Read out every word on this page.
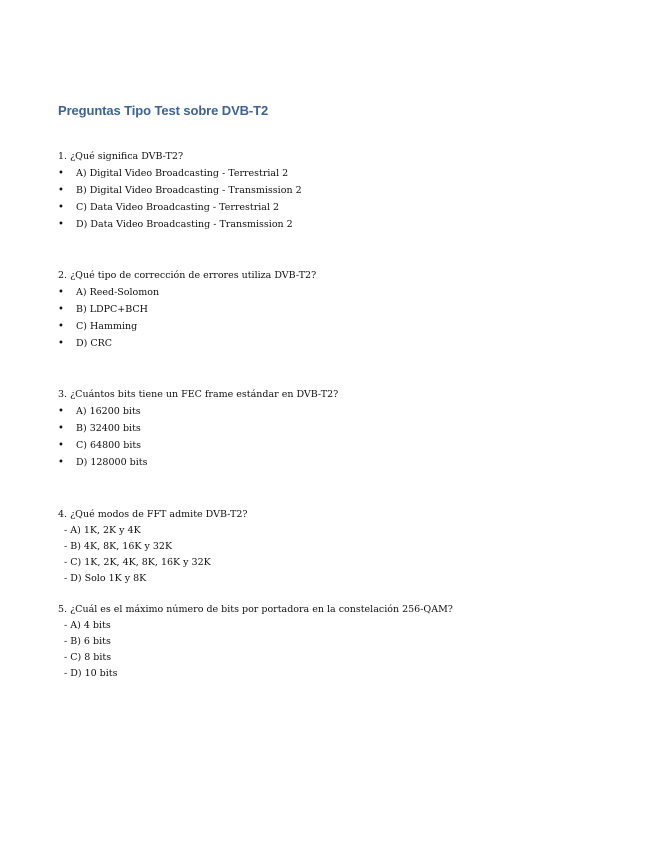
Preguntas Tipo Test sobre DVB-T2

1. ¿Qué significa DVB-T2?

•	A) Digital Video Broadcasting - Terrestrial 2
•	B) Digital Video Broadcasting - Transmission 2
•	C) Data Video Broadcasting - Terrestrial 2
•	D) Data Video Broadcasting - Transmission 2

2. ¿Qué tipo de corrección de errores utiliza DVB-T2?

•	A) Reed-Solomon
•	B) LDPC+BCH
•	C) Hamming
•	D) CRC

3. ¿Cuántos bits tiene un FEC frame estándar en DVB-T2?

•	A) 16200 bits
•	B) 32400 bits
•	C) 64800 bits
•	D) 128000 bits

4. ¿Qué modos de FFT admite DVB-T2?

- A) 1K, 2K y 4K
- B) 4K, 8K, 16K y 32K
- C) 1K, 2K, 4K, 8K, 16K y 32K
- D) Solo 1K y 8K

5. ¿Cuál es el máximo número de bits por portadora en la constelación 256-QAM?

- A) 4 bits
- B) 6 bits
- C) 8 bits
- D) 10 bits
